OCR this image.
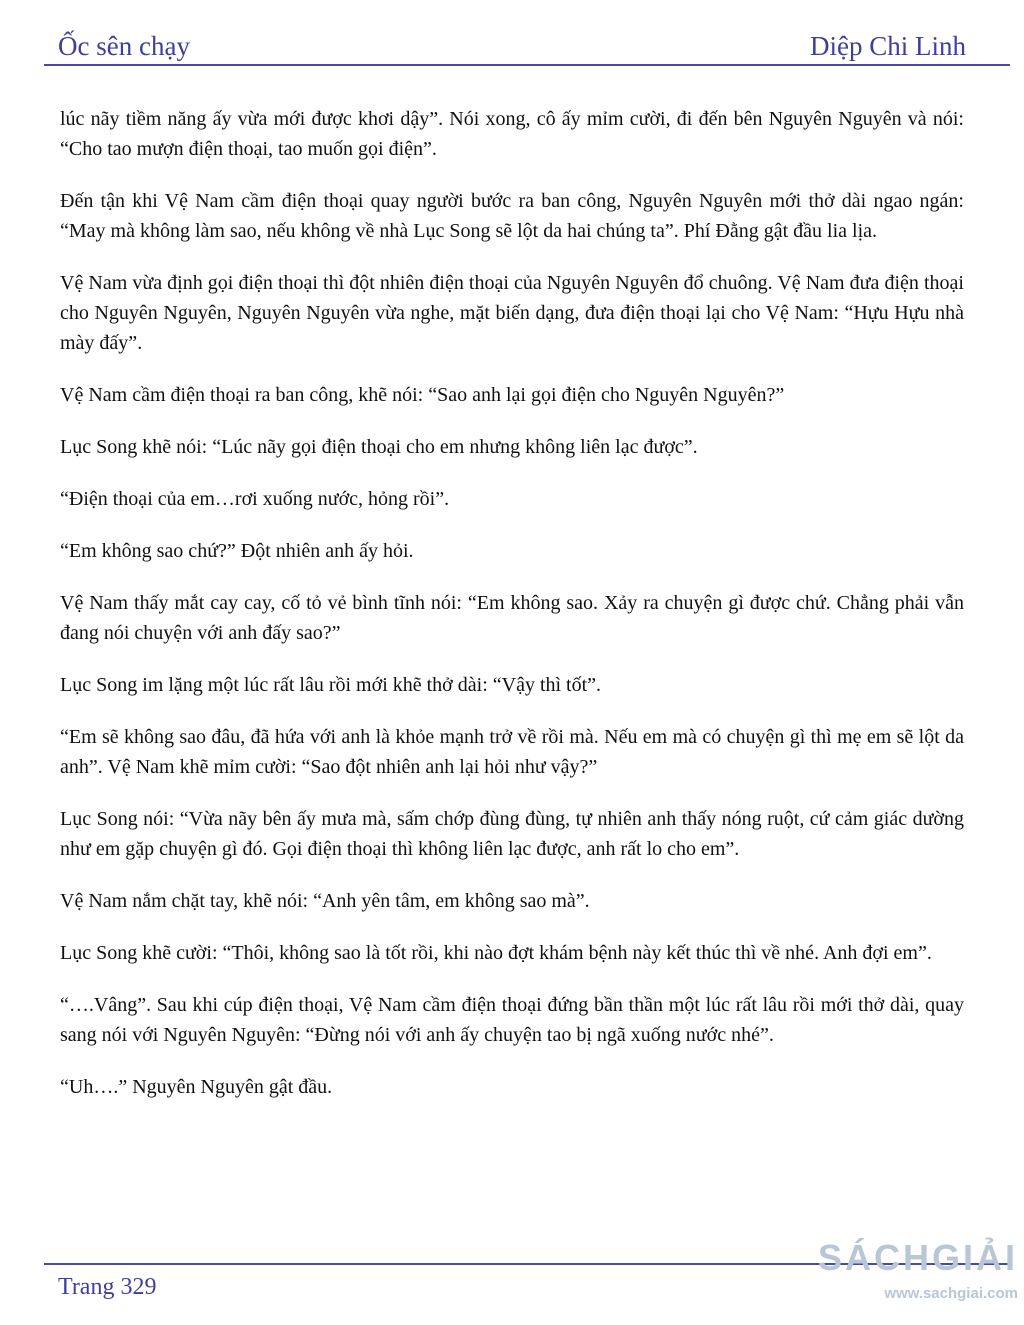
Ốc sên chạy	Diệp Chi Linh

lúc nãy tiềm năng ấy vừa mới được khơi dậy”. Nói xong, cô ấy mỉm cười, đi đến bên Nguyên Nguyên và nói: “Cho tao mượn điện thoại, tao muốn gọi điện”.

Đến tận khi Vệ Nam cầm điện thoại quay người bước ra ban công, Nguyên Nguyên mới thở dài ngao ngán: “May mà không làm sao, nếu không về nhà Lục Song sẽ lột da hai chúng ta”. Phí Đằng gật đầu lia lịa.

Vệ Nam vừa định gọi điện thoại thì đột nhiên điện thoại của Nguyên Nguyên đổ chuông. Vệ Nam đưa điện thoại cho Nguyên Nguyên, Nguyên Nguyên vừa nghe, mặt biến dạng, đưa điện thoại lại cho Vệ Nam: “Hựu Hựu nhà mày đấy”.

Vệ Nam cầm điện thoại ra ban công, khẽ nói: “Sao anh lại gọi điện cho Nguyên Nguyên?”

Lục Song khẽ nói: “Lúc nãy gọi điện thoại cho em nhưng không liên lạc được”.

“Điện thoại của em…rơi xuống nước, hỏng rồi”.

“Em không sao chứ?” Đột nhiên anh ấy hỏi.

Vệ Nam thấy mắt cay cay, cố tỏ vẻ bình tĩnh nói: “Em không sao. Xảy ra chuyện gì được chứ. Chẳng phải vẫn đang nói chuyện với anh đấy sao?”

Lục Song im lặng một lúc rất lâu rồi mới khẽ thở dài: “Vậy thì tốt”.

“Em sẽ không sao đâu, đã hứa với anh là khỏe mạnh trở về rồi mà. Nếu em mà có chuyện gì thì mẹ em sẽ lột da anh”. Vệ Nam khẽ mỉm cười: “Sao đột nhiên anh lại hỏi như vậy?”

Lục Song nói: “Vừa nãy bên ấy mưa mà, sấm chớp đùng đùng, tự nhiên anh thấy nóng ruột, cứ cảm giác dường như em gặp chuyện gì đó. Gọi điện thoại thì không liên lạc được, anh rất lo cho em”.

Vệ Nam nắm chặt tay, khẽ nói: “Anh yên tâm, em không sao mà”.

Lục Song khẽ cười: “Thôi, không sao là tốt rồi, khi nào đợt khám bệnh này kết thúc thì về nhé. Anh đợi em”.

“….Vâng”. Sau khi cúp điện thoại, Vệ Nam cầm điện thoại đứng bần thần một lúc rất lâu rồi mới thở dài, quay sang nói với Nguyên Nguyên: “Đừng nói với anh ấy chuyện tao bị ngã xuống nước nhé”.

“Uh….” Nguyên Nguyên gật đầu.

Trang 329
SÁCHGIẢI
www.sachgiai.com
